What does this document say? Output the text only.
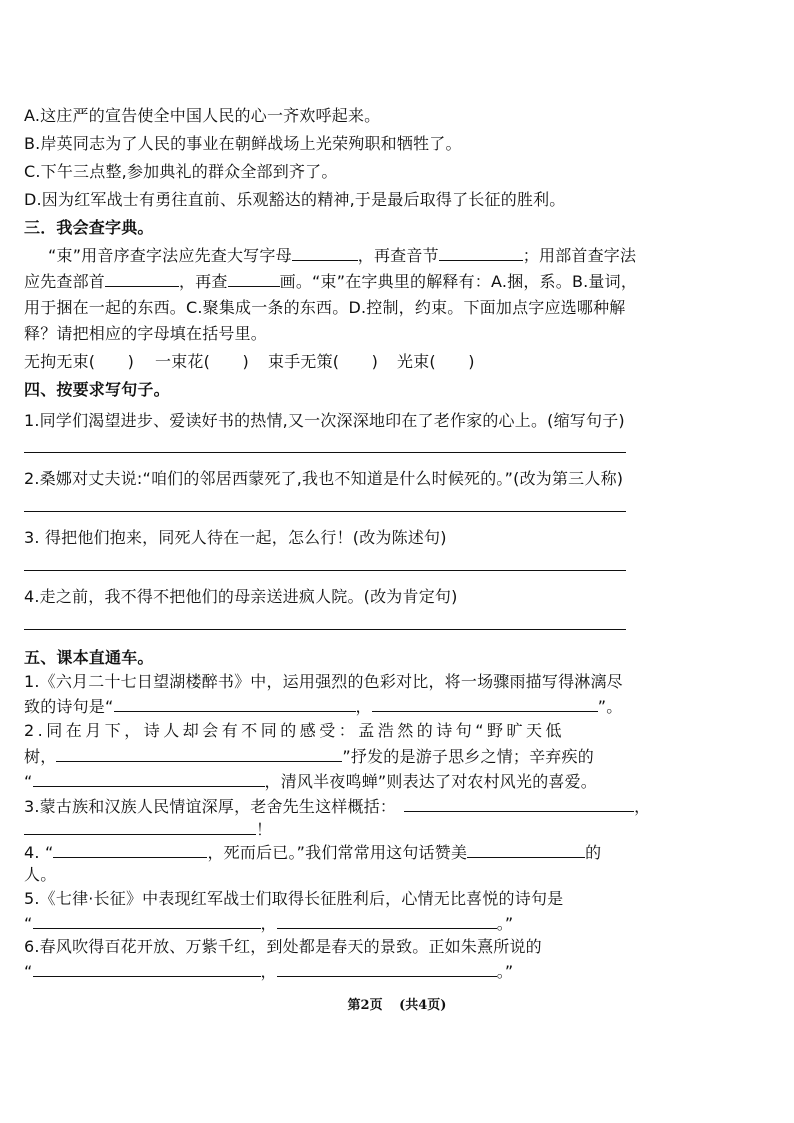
A.这庄严的宣告使全中国人民的心一齐欢呼起来。
B.岸英同志为了人民的事业在朝鲜战场上光荣殉职和牺牲了。
C.下午三点整,参加典礼的群众全部到齐了。
D.因为红军战士有勇往直前、乐观豁达的精神,于是最后取得了长征的胜利。
三．我会查字典。
“束”用音序查字法应先查大写字母	，再查音节	；用部首查字法
应先查部首	，再查	画。“束”在字典里的解释有：A.捆，系。B.量词，
用于捆在一起的东西。C.聚集成一条的东西。D.控制，约束。下面加点字应选哪种解
释？请把相应的字母填在括号里。
无拘无束(　　) 一束花(　　) 束手无策(　　) 光束(　　)
四、按要求写句子。
1.同学们渴望进步、爱读好书的热情,又一次深深地印在了老作家的心上。(缩写句子)
2.桑娜对丈夫说:“咱们的邻居西蒙死了,我也不知道是什么时候死的。”(改为第三人称)
3. 得把他们抱来，同死人待在一起，怎么行！(改为陈述句)
4.走之前，我不得不把他们的母亲送进疯人院。(改为肯定句)
五、课本直通车。
1.《六月二十七日望湖楼醉书》中，运用强烈的色彩对比，将一场骤雨描写得淋漓尽
致的诗句是“	，	”。
2.同在月下，诗人却会有不同的感受：孟浩然的诗句“野旷天低
树，	”抒发的是游子思乡之情；辛弃疾的
“	，清风半夜鸣蝉”则表达了对农村风光的喜爱。
3.蒙古族和汉族人民情谊深厚，老舍先生这样概括：	，
！
4. “	，死而后已。”我们常常用这句话赞美	的
人。
5.《七律·长征》中表现红军战士们取得长征胜利后，心情无比喜悦的诗句是
“	，	。”
6.春风吹得百花开放、万紫千红，到处都是春天的景致。正如朱熹所说的
“	，	。”
第2页 (共4页)
